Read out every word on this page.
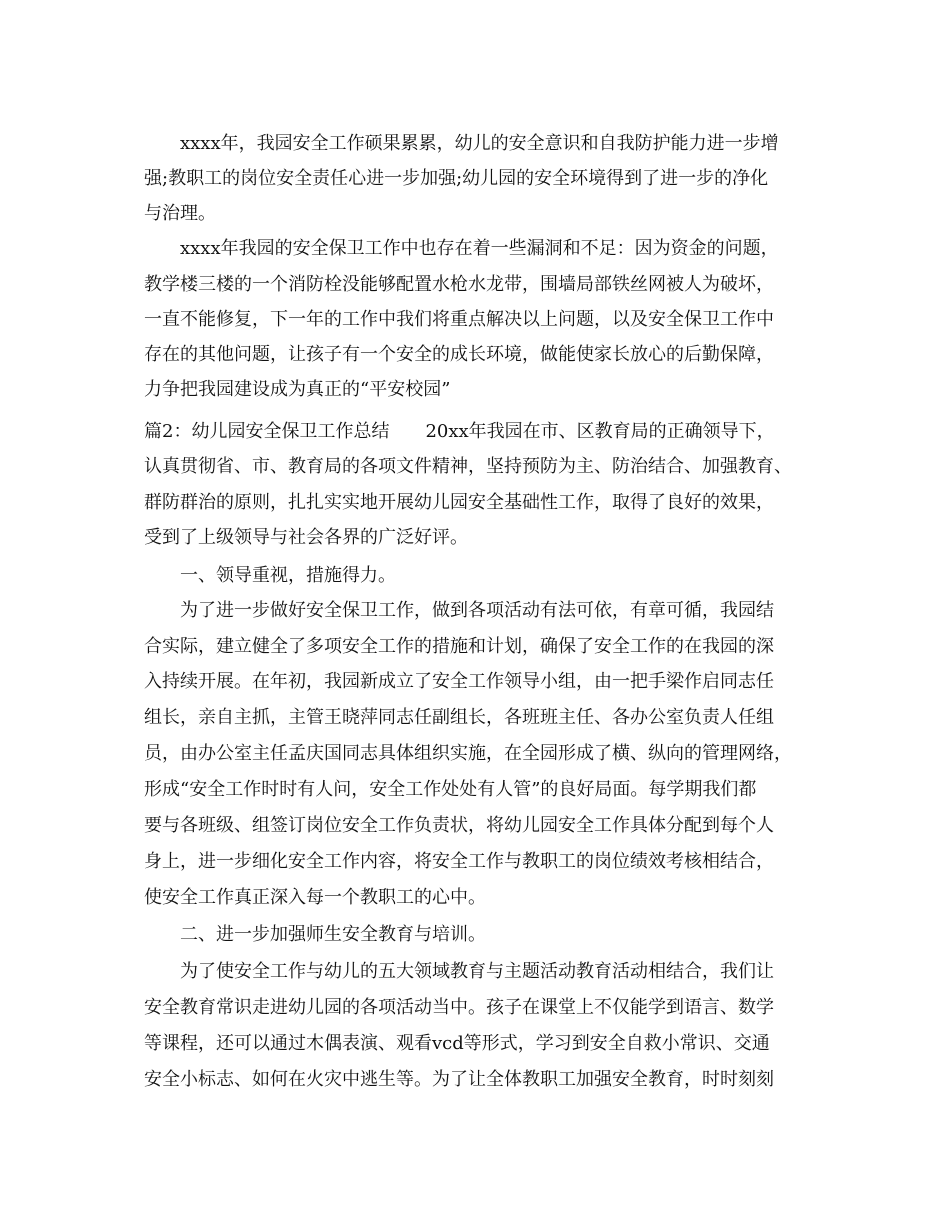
xxxx年，我园安全工作硕果累累，幼儿的安全意识和自我防护能力进一步增
强;教职工的岗位安全责任心进一步加强;幼儿园的安全环境得到了进一步的净化
与治理。
xxxx年我园的安全保卫工作中也存在着一些漏洞和不足：因为资金的问题，
教学楼三楼的一个消防栓没能够配置水枪水龙带，围墙局部铁丝网被人为破坏，
一直不能修复，下一年的工作中我们将重点解决以上问题，以及安全保卫工作中
存在的其他问题，让孩子有一个安全的成长环境，做能使家长放心的后勤保障，
力争把我园建设成为真正的“平安校园”
篇2：幼儿园安全保卫工作总结　　20xx年我园在市、区教育局的正确领导下，
认真贯彻省、市、教育局的各项文件精神，坚持预防为主、防治结合、加强教育、
群防群治的原则，扎扎实实地开展幼儿园安全基础性工作，取得了良好的效果，
受到了上级领导与社会各界的广泛好评。
一、领导重视，措施得力。
为了进一步做好安全保卫工作，做到各项活动有法可依，有章可循，我园结
合实际，建立健全了多项安全工作的措施和计划，确保了安全工作的在我园的深
入持续开展。在年初，我园新成立了安全工作领导小组，由一把手梁作启同志任
组长，亲自主抓，主管王晓萍同志任副组长，各班班主任、各办公室负责人任组
员，由办公室主任孟庆国同志具体组织实施，在全园形成了横、纵向的管理网络，
形成“安全工作时时有人问，安全工作处处有人管”的良好局面。每学期我们都
要与各班级、组签订岗位安全工作负责状，将幼儿园安全工作具体分配到每个人
身上，进一步细化安全工作内容，将安全工作与教职工的岗位绩效考核相结合，
使安全工作真正深入每一个教职工的心中。
二、进一步加强师生安全教育与培训。
为了使安全工作与幼儿的五大领域教育与主题活动教育活动相结合，我们让
安全教育常识走进幼儿园的各项活动当中。孩子在课堂上不仅能学到语言、数学
等课程，还可以通过木偶表演、观看vcd等形式，学习到安全自救小常识、交通
安全小标志、如何在火灾中逃生等。为了让全体教职工加强安全教育，时时刻刻
